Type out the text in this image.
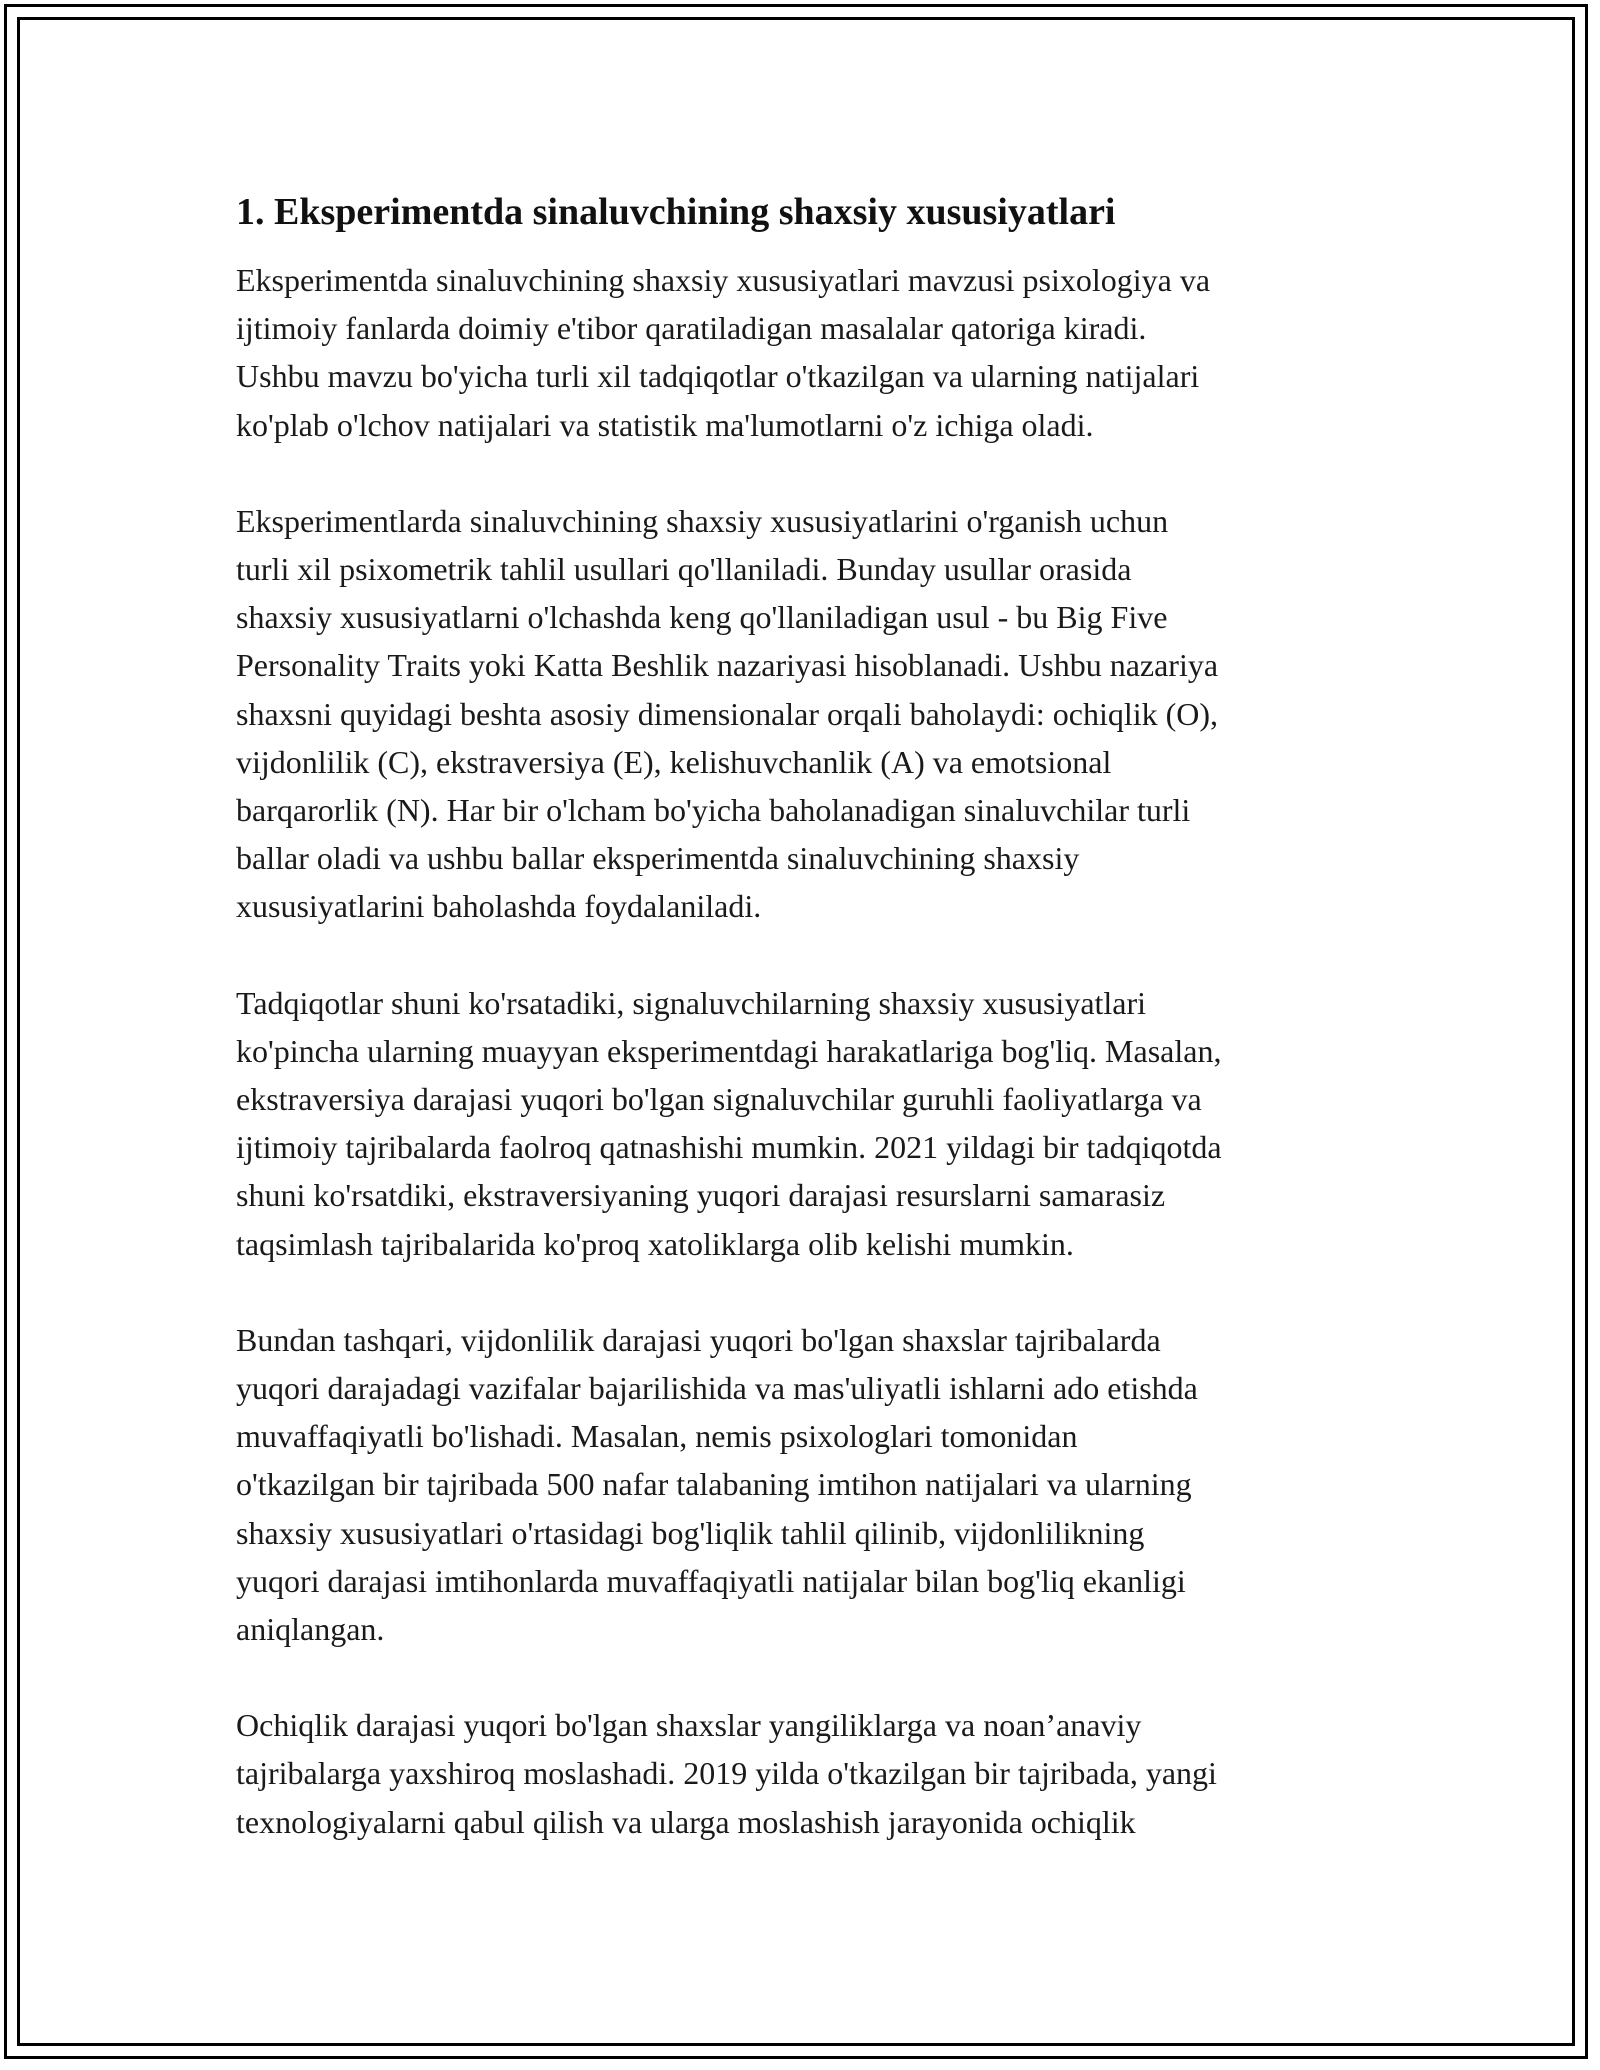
1. Eksperimentda sinaluvchining shaxsiy xususiyatlari

Eksperimentda sinaluvchining shaxsiy xususiyatlari mavzusi psixologiya va
ijtimoiy fanlarda doimiy e'tibor qaratiladigan masalalar qatoriga kiradi.
Ushbu mavzu bo'yicha turli xil tadqiqotlar o'tkazilgan va ularning natijalari
ko'plab o'lchov natijalari va statistik ma'lumotlarni o'z ichiga oladi.

Eksperimentlarda sinaluvchining shaxsiy xususiyatlarini o'rganish uchun
turli xil psixometrik tahlil usullari qo'llaniladi. Bunday usullar orasida
shaxsiy xususiyatlarni o'lchashda keng qo'llaniladigan usul - bu Big Five
Personality Traits yoki Katta Beshlik nazariyasi hisoblanadi. Ushbu nazariya
shaxsni quyidagi beshta asosiy dimensionalar orqali baholaydi: ochiqlik (O),
vijdonlilik (C), ekstraversiya (E), kelishuvchanlik (A) va emotsional
barqarorlik (N). Har bir o'lcham bo'yicha baholanadigan sinaluvchilar turli
ballar oladi va ushbu ballar eksperimentda sinaluvchining shaxsiy
xususiyatlarini baholashda foydalaniladi.

Tadqiqotlar shuni ko'rsatadiki, signaluvchilarning shaxsiy xususiyatlari
ko'pincha ularning muayyan eksperimentdagi harakatlariga bog'liq. Masalan,
ekstraversiya darajasi yuqori bo'lgan signaluvchilar guruhli faoliyatlarga va
ijtimoiy tajribalarda faolroq qatnashishi mumkin. 2021 yildagi bir tadqiqotda
shuni ko'rsatdiki, ekstraversiyaning yuqori darajasi resurslarni samarasiz
taqsimlash tajribalarida ko'proq xatoliklarga olib kelishi mumkin.

Bundan tashqari, vijdonlilik darajasi yuqori bo'lgan shaxslar tajribalarda
yuqori darajadagi vazifalar bajarilishida va mas'uliyatli ishlarni ado etishda
muvaffaqiyatli bo'lishadi. Masalan, nemis psixologlari tomonidan
o'tkazilgan bir tajribada 500 nafar talabaning imtihon natijalari va ularning
shaxsiy xususiyatlari o'rtasidagi bog'liqlik tahlil qilinib, vijdonlilikning
yuqori darajasi imtihonlarda muvaffaqiyatli natijalar bilan bog'liq ekanligi
aniqlangan.

Ochiqlik darajasi yuqori bo'lgan shaxslar yangiliklarga va noan’anaviy
tajribalarga yaxshiroq moslashadi. 2019 yilda o'tkazilgan bir tajribada, yangi
texnologiyalarni qabul qilish va ularga moslashish jarayonida ochiqlik
